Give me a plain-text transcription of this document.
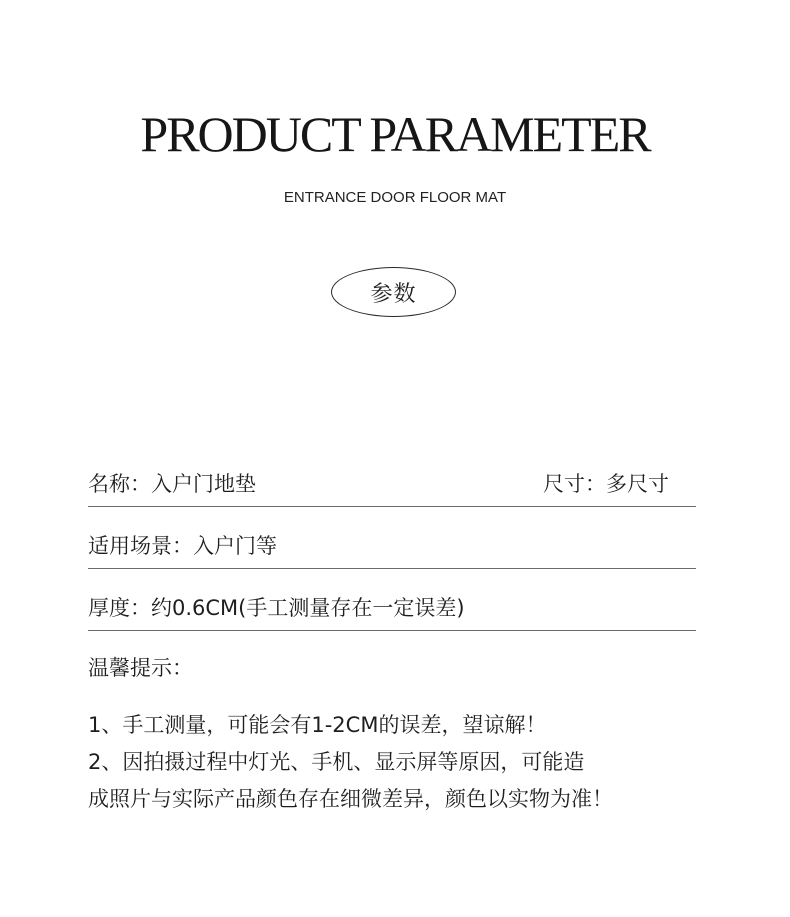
PRODUCT PARAMETER
ENTRANCE DOOR FLOOR MAT
参数
名称：入户门地垫	尺寸：多尺寸
适用场景：入户门等
厚度：约0.6CM(手工测量存在一定误差)
温馨提示：
1、手工测量，可能会有1-2CM的误差，望谅解！
2、因拍摄过程中灯光、手机、显示屏等原因，可能造
成照片与实际产品颜色存在细微差异，颜色以实物为准！
